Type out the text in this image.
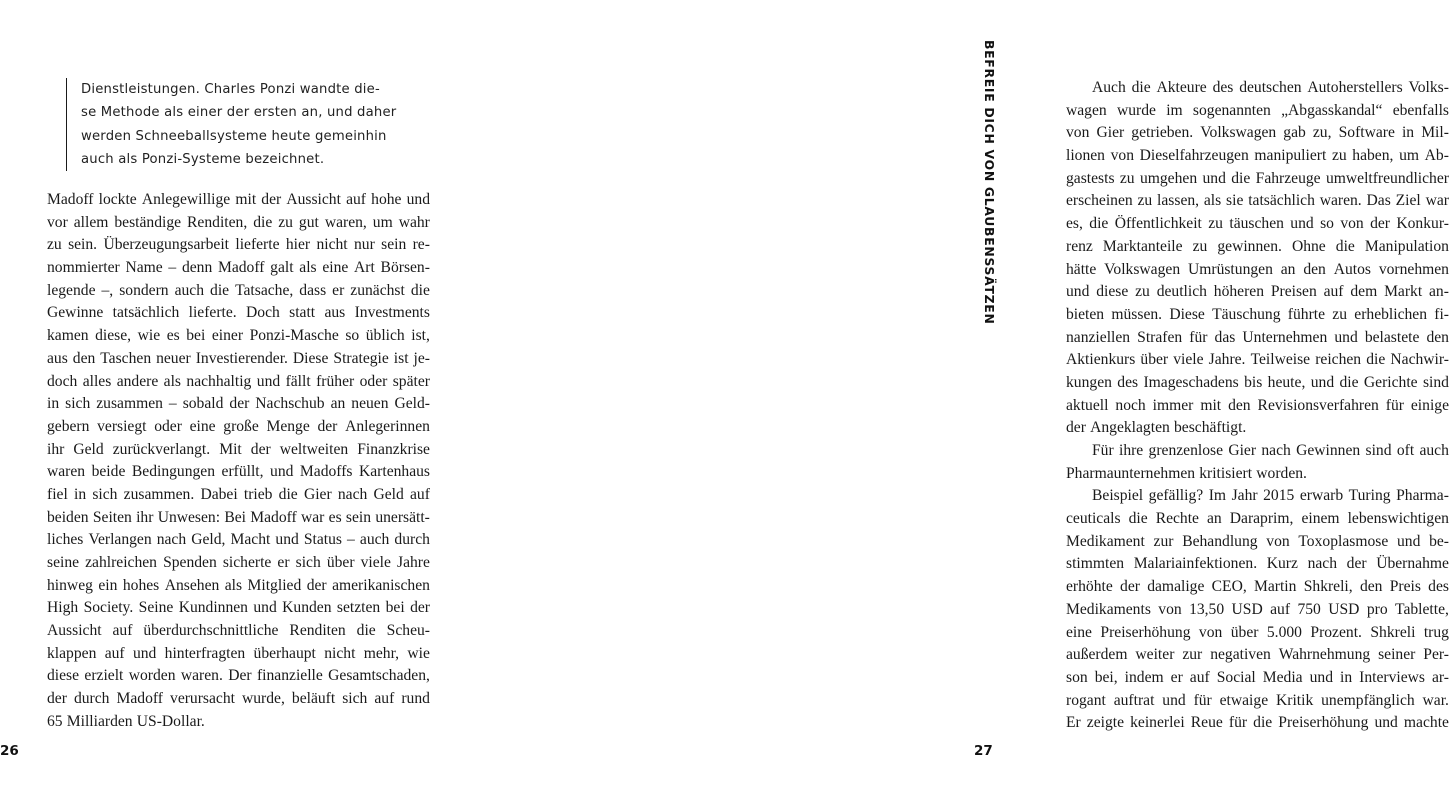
Dienstleistungen. Charles Ponzi wandte die-
se Methode als einer der ersten an, und daher
werden Schneeballsysteme heute gemeinhin
auch als Ponzi-Systeme bezeichnet.
Madoff lockte Anlegewillige mit der Aussicht auf hohe und
vor allem beständige Renditen, die zu gut waren, um wahr
zu sein. Überzeugungsarbeit lieferte hier nicht nur sein re-
nommierter Name – denn Madoff galt als eine Art Börsen-
legende –, sondern auch die Tatsache, dass er zunächst die
Gewinne tatsächlich lieferte. Doch statt aus Investments
kamen diese, wie es bei einer Ponzi-Masche so üblich ist,
aus den Taschen neuer Investierender. Diese Strategie ist je-
doch alles andere als nachhaltig und fällt früher oder später
in sich zusammen – sobald der Nachschub an neuen Geld-
gebern versiegt oder eine große Menge der Anlegerinnen
ihr Geld zurückverlangt. Mit der weltweiten Finanzkrise
waren beide Bedingungen erfüllt, und Madoffs Kartenhaus
fiel in sich zusammen. Dabei trieb die Gier nach Geld auf
beiden Seiten ihr Unwesen: Bei Madoff war es sein unersätt-
liches Verlangen nach Geld, Macht und Status – auch durch
seine zahlreichen Spenden sicherte er sich über viele Jahre
hinweg ein hohes Ansehen als Mitglied der amerikanischen
High Society. Seine Kundinnen und Kunden setzten bei der
Aussicht auf überdurchschnittliche Renditen die Scheu-
klappen auf und hinterfragten überhaupt nicht mehr, wie
diese erzielt worden waren. Der finanzielle Gesamtschaden,
der durch Madoff verursacht wurde, beläuft sich auf rund
65 Milliarden US-Dollar.
26
Auch die Akteure des deutschen Autoherstellers Volks-
wagen wurde im sogenannten „Abgasskandal“ ebenfalls
von Gier getrieben. Volkswagen gab zu, Software in Mil-
lionen von Dieselfahrzeugen manipuliert zu haben, um Ab-
gastests zu umgehen und die Fahrzeuge umweltfreundlicher
erscheinen zu lassen, als sie tatsächlich waren. Das Ziel war
es, die Öffentlichkeit zu täuschen und so von der Konkur-
renz Marktanteile zu gewinnen. Ohne die Manipulation
hätte Volkswagen Umrüstungen an den Autos vornehmen
und diese zu deutlich höheren Preisen auf dem Markt an-
bieten müssen. Diese Täuschung führte zu erheblichen fi-
nanziellen Strafen für das Unternehmen und belastete den
Aktienkurs über viele Jahre. Teilweise reichen die Nachwir-
kungen des Imageschadens bis heute, und die Gerichte sind
aktuell noch immer mit den Revisionsverfahren für einige
der Angeklagten beschäftigt.
Für ihre grenzenlose Gier nach Gewinnen sind oft auch
Pharmaunternehmen kritisiert worden.
Beispiel gefällig? Im Jahr 2015 erwarb Turing Pharma-
ceuticals die Rechte an Daraprim, einem lebenswichtigen
Medikament zur Behandlung von Toxoplasmose und be-
stimmten Malariainfektionen. Kurz nach der Übernahme
erhöhte der damalige CEO, Martin Shkreli, den Preis des
Medikaments von 13,50 USD auf 750 USD pro Tablette,
eine Preiserhöhung von über 5.000 Prozent. Shkreli trug
außerdem weiter zur negativen Wahrnehmung seiner Per-
son bei, indem er auf Social Media und in Interviews ar-
rogant auftrat und für etwaige Kritik unempfänglich war.
Er zeigte keinerlei Reue für die Preiserhöhung und machte
BEFREIE DICH VON GLAUBENSSÄTZEN
27
